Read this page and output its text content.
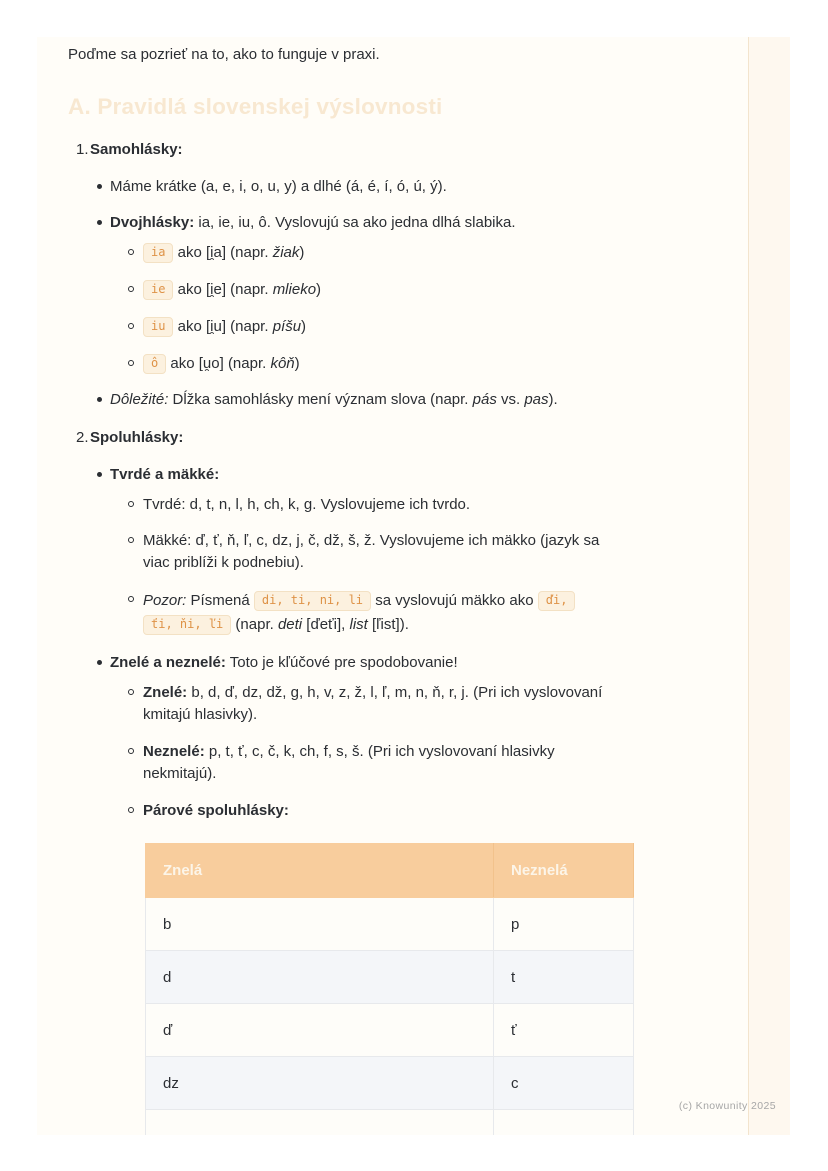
Poďme sa pozrieť na to, ako to funguje v praxi.

A. Pravidlá slovenskej výslovnosti
1. Samohlásky:
Máme krátke (a, e, i, o, u, y) a dlhé (á, é, í, ó, ú, ý).
Dvojhlásky: ia, ie, iu, ô. Vyslovujú sa ako jedna dlhá slabika.
ia ako [i̯a] (napr. žiak)
ie ako [i̯e] (napr. mlieko)
iu ako [i̯u] (napr. píšu)
ô ako [u̯o] (napr. kôň)
Dôležité: Dĺžka samohlásky mení význam slova (napr. pás vs. pas).
2. Spoluhlásky:
Tvrdé a mäkké:
Tvrdé: d, t, n, l, h, ch, k, g. Vyslovujeme ich tvrdo.
Mäkké: ď, ť, ň, ľ, c, dz, j, č, dž, š, ž. Vyslovujeme ich mäkko (jazyk sa
viac priblíži k podnebiu).
Pozor: Písmená di, ti, ni, li sa vyslovujú mäkko ako ďi,
ťi, ňi, ľi (napr. deti [ďeťi], list [ľist]).
Znelé a neznelé: Toto je kľúčové pre spodobovanie!
Znelé: b, d, ď, dz, dž, g, h, v, z, ž, l, ľ, m, n, ň, r, j. (Pri ich vyslovovaní
kmitajú hlasivky).
Neznelé: p, t, ť, c, č, k, ch, f, s, š. (Pri ich vyslovovaní hlasivky
nekmitajú).
Párové spoluhlásky:
Znelá	Neznelá
b	p
d	t
ď	ť
dz	c

(c) Knowunity 2025
